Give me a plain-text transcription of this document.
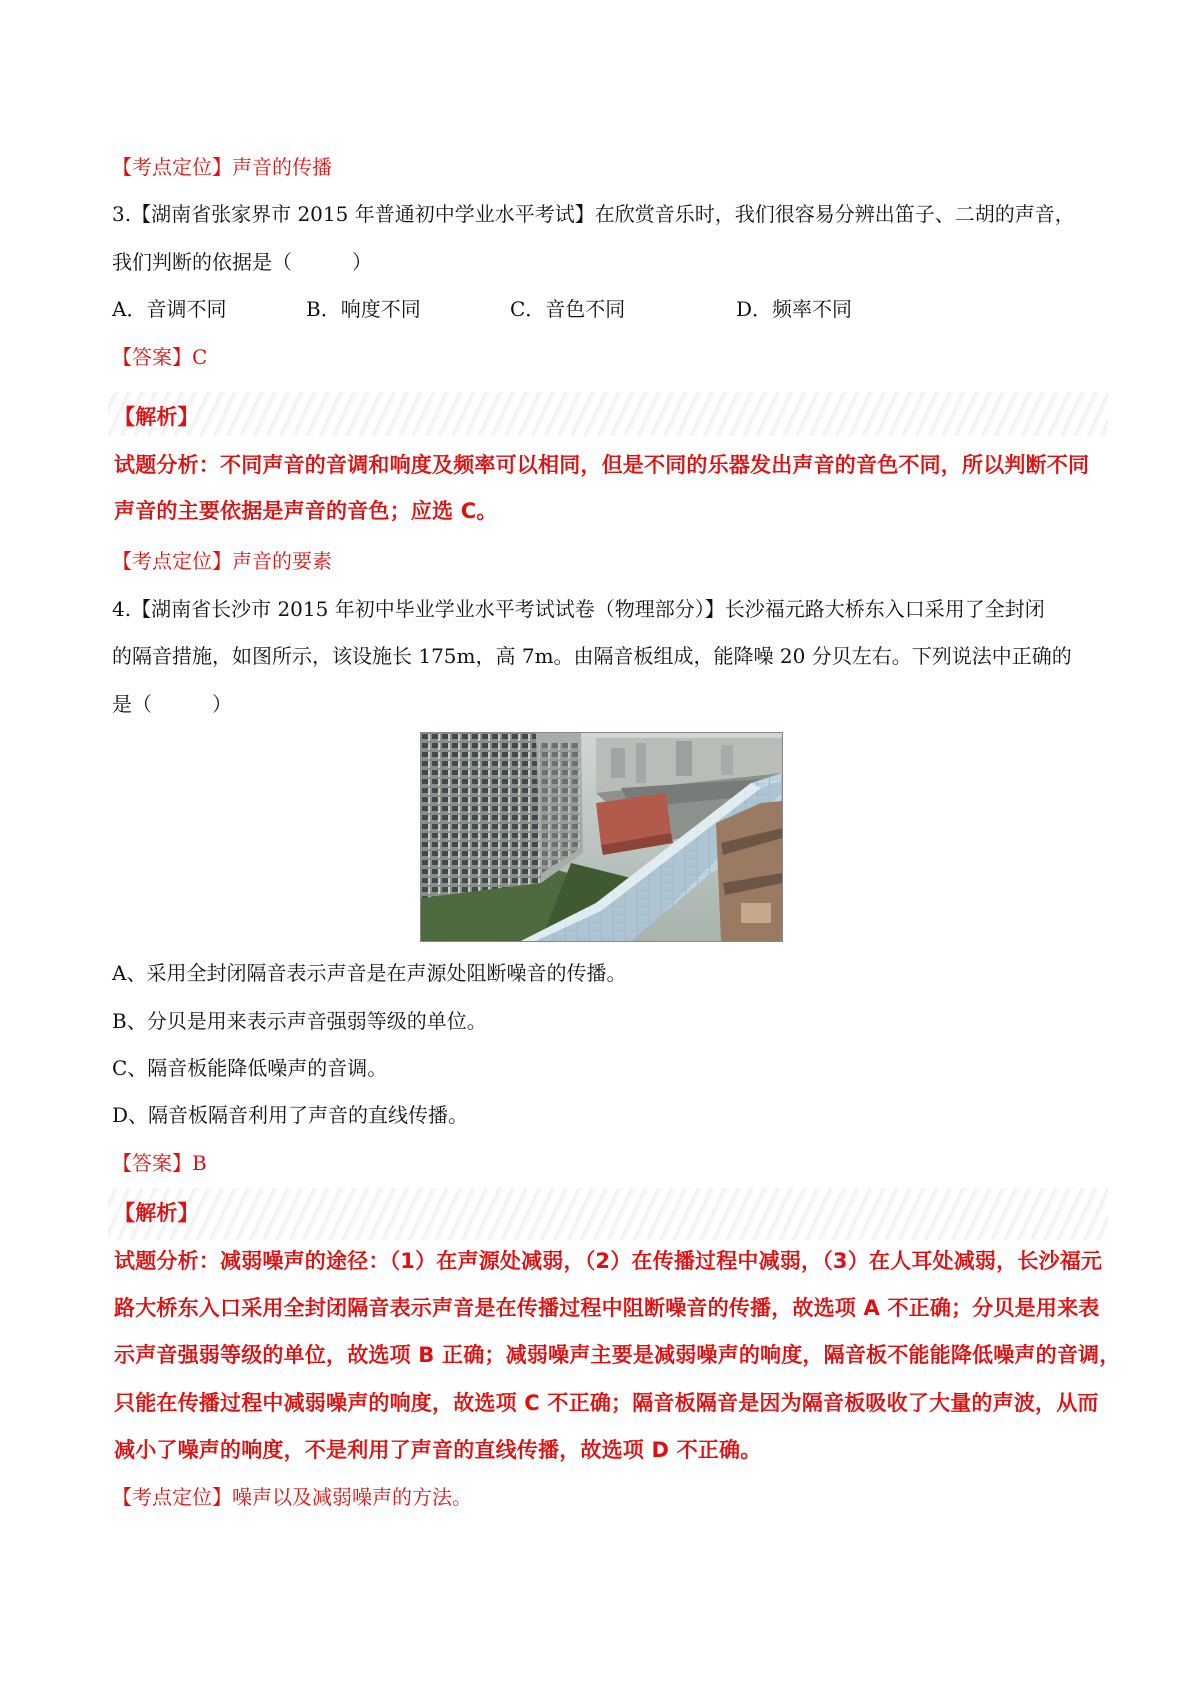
【考点定位】声音的传播
3.【湖南省张家界市 2015 年普通初中学业水平考试】在欣赏音乐时，我们很容易分辨出笛子、二胡的声音，
我们判断的依据是（　　　）
A．音调不同	B．响度不同	C．音色不同	D．频率不同
【答案】C
【解析】
试题分析：不同声音的音调和响度及频率可以相同，但是不同的乐器发出声音的音色不同，所以判断不同
声音的主要依据是声音的音色；应选 C。
【考点定位】声音的要素
4.【湖南省长沙市 2015 年初中毕业学业水平考试试卷（物理部分）】长沙福元路大桥东入口采用了全封闭
的隔音措施，如图所示，该设施长 175m，高 7m。由隔音板组成，能降噪 20 分贝左右。下列说法中正确的
是（　　　）
A、采用全封闭隔音表示声音是在声源处阻断噪音的传播。
B、分贝是用来表示声音强弱等级的单位。
C、隔音板能降低噪声的音调。
D、隔音板隔音利用了声音的直线传播。
【答案】B
【解析】
试题分析：减弱噪声的途径：（1）在声源处减弱，（2）在传播过程中减弱，（3）在人耳处减弱，长沙福元
路大桥东入口采用全封闭隔音表示声音是在传播过程中阻断噪音的传播，故选项 A 不正确；分贝是用来表
示声音强弱等级的单位，故选项 B 正确；减弱噪声主要是减弱噪声的响度，隔音板不能能降低噪声的音调，
只能在传播过程中减弱噪声的响度，故选项 C 不正确；隔音板隔音是因为隔音板吸收了大量的声波，从而
减小了噪声的响度，不是利用了声音的直线传播，故选项 D 不正确。
【考点定位】噪声以及减弱噪声的方法。
